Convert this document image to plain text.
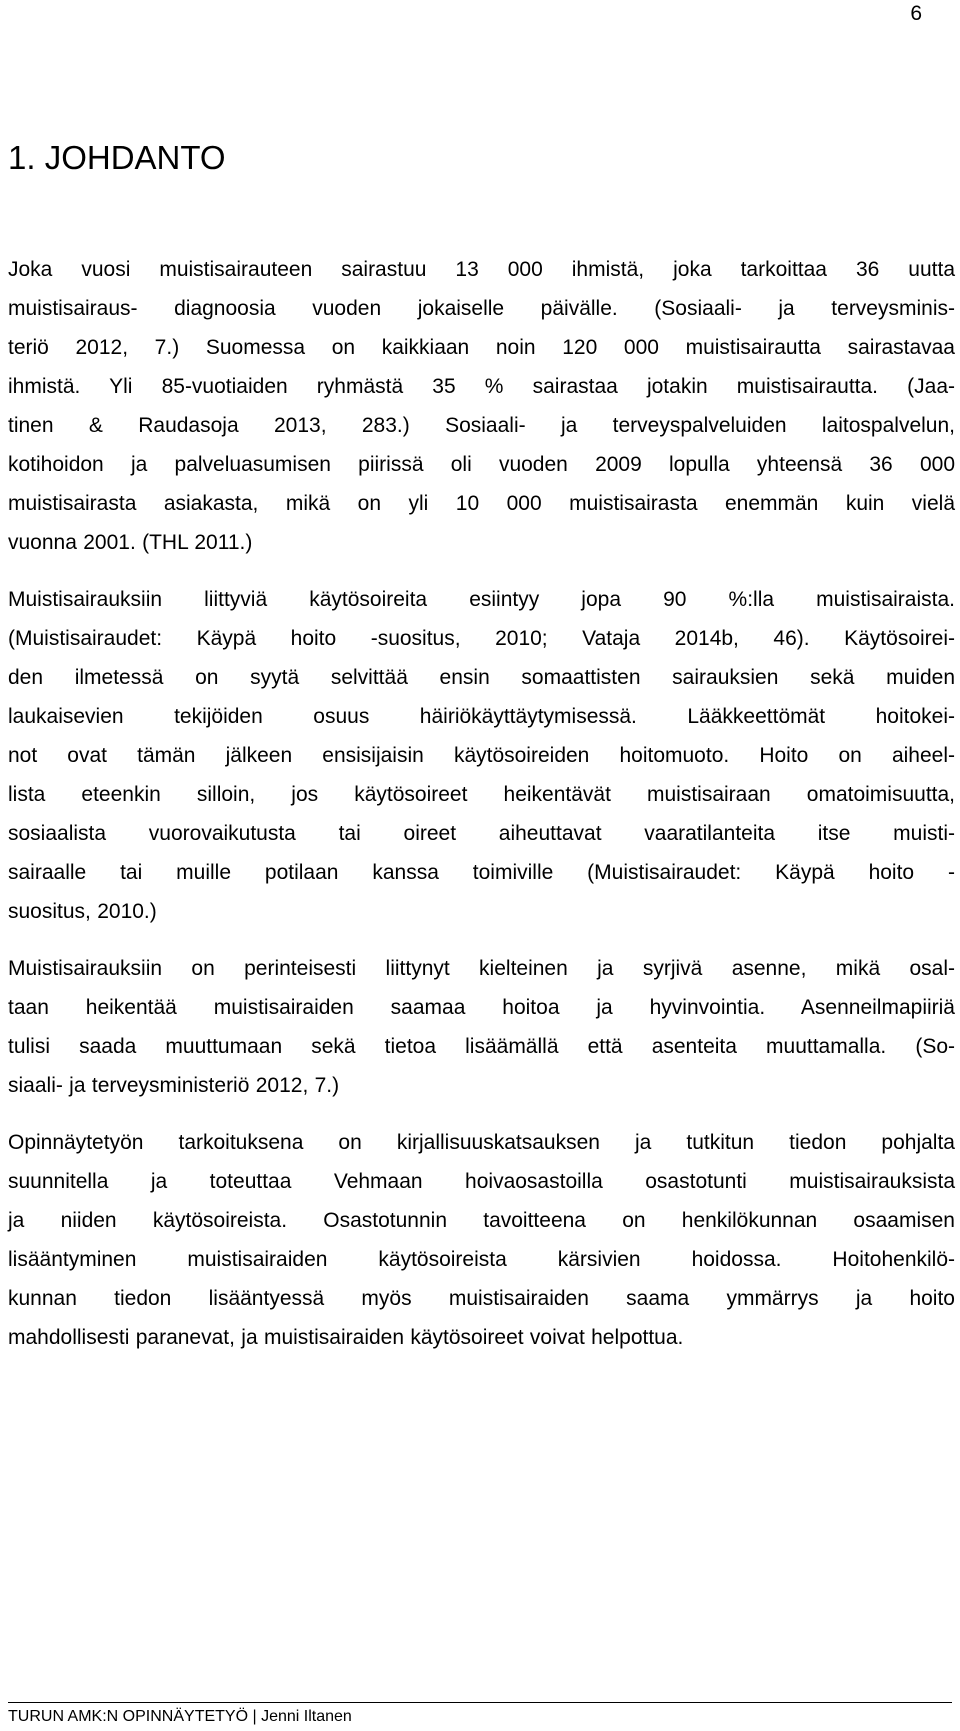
6
1. JOHDANTO

Joka vuosi muistisairauteen sairastuu 13 000 ihmistä, joka tarkoittaa 36 uutta
muistisairaus- diagnoosia vuoden jokaiselle päivälle. (Sosiaali- ja terveysminis-
teriö 2012, 7.) Suomessa on kaikkiaan noin 120 000 muistisairautta sairastavaa
ihmistä. Yli 85-vuotiaiden ryhmästä 35 % sairastaa jotakin muistisairautta. (Jaa-
tinen & Raudasoja 2013, 283.) Sosiaali- ja terveyspalveluiden laitospalvelun,
kotihoidon ja palveluasumisen piirissä oli vuoden 2009 lopulla yhteensä 36 000
muistisairasta asiakasta, mikä on yli 10 000 muistisairasta enemmän kuin vielä
vuonna 2001. (THL 2011.)

Muistisairauksiin liittyviä käytösoireita esiintyy jopa 90 %:lla muistisairaista.
(Muistisairaudet: Käypä hoito -suositus, 2010; Vataja 2014b, 46). Käytösoirei-
den ilmetessä on syytä selvittää ensin somaattisten sairauksien sekä muiden
laukaisevien tekijöiden osuus häiriökäyttäytymisessä. Lääkkeettömät hoitokei-
not ovat tämän jälkeen ensisijaisin käytösoireiden hoitomuoto. Hoito on aiheel-
lista eteenkin silloin, jos käytösoireet heikentävät muistisairaan omatoimisuutta,
sosiaalista vuorovaikutusta tai oireet aiheuttavat vaaratilanteita itse muisti-
sairaalle tai muille potilaan kanssa toimiville (Muistisairaudet: Käypä hoito -
suositus, 2010.)

Muistisairauksiin on perinteisesti liittynyt kielteinen ja syrjivä asenne, mikä osal-
taan heikentää muistisairaiden saamaa hoitoa ja hyvinvointia. Asenneilmapiiriä
tulisi saada muuttumaan sekä tietoa lisäämällä että asenteita muuttamalla. (So-
siaali- ja terveysministeriö 2012, 7.)

Opinnäytetyön tarkoituksena on kirjallisuuskatsauksen ja tutkitun tiedon pohjalta
suunnitella ja toteuttaa Vehmaan hoivaosastoilla osastotunti muistisairauksista
ja niiden käytösoireista. Osastotunnin tavoitteena on henkilökunnan osaamisen
lisääntyminen muistisairaiden käytösoireista kärsivien hoidossa. Hoitohenkilö-
kunnan tiedon lisääntyessä myös muistisairaiden saama ymmärrys ja hoito
mahdollisesti paranevat, ja muistisairaiden käytösoireet voivat helpottua.

TURUN AMK:N OPINNÄYTETYÖ | Jenni Iltanen
